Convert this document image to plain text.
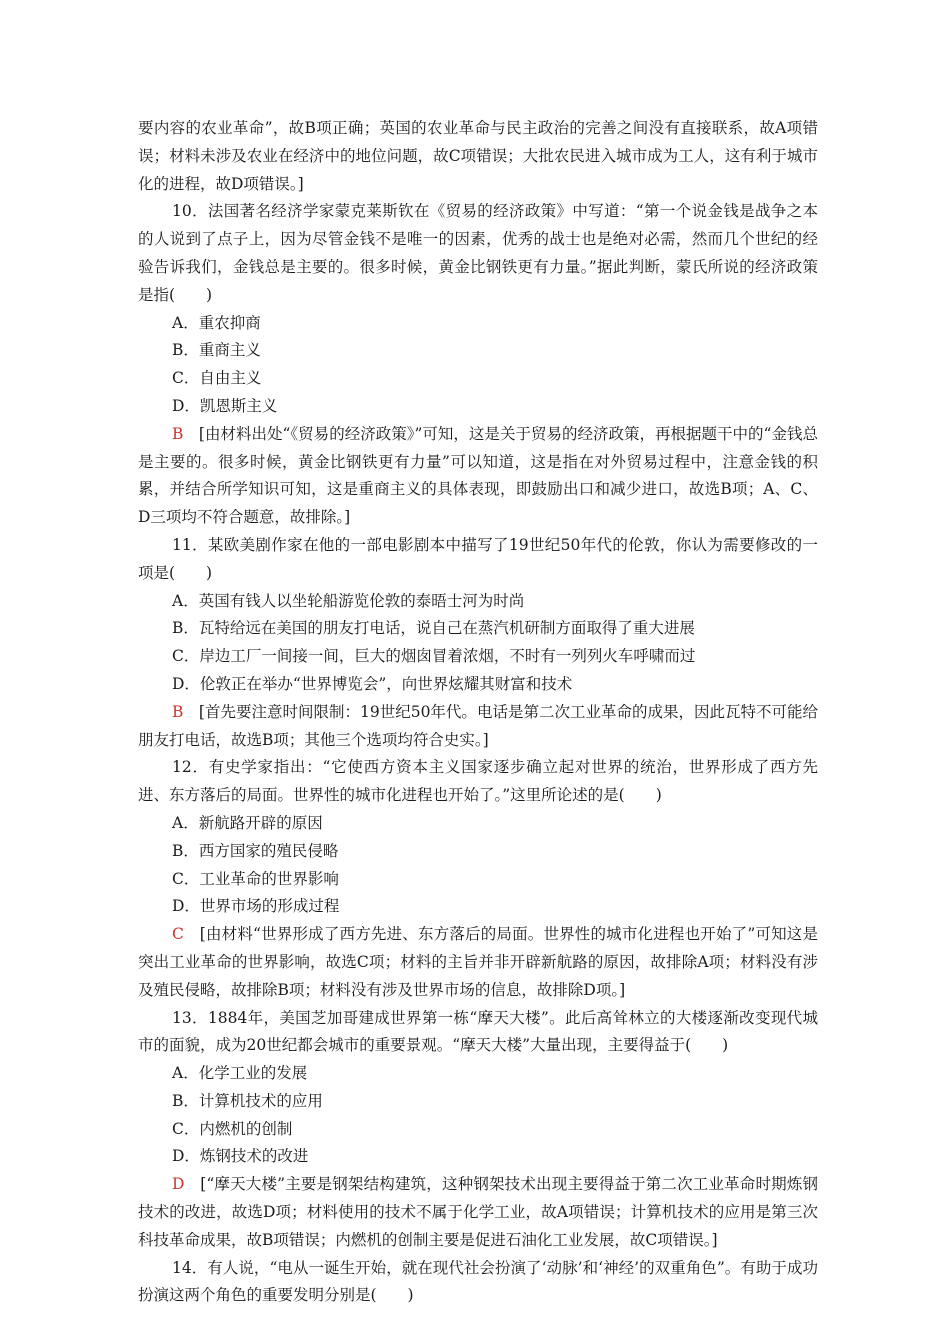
要内容的农业革命”，故B项正确；英国的农业革命与民主政治的完善之间没有直接联系，故A项错误；材料未涉及农业在经济中的地位问题，故C项错误；大批农民进入城市成为工人，这有利于城市化的进程，故D项错误。]

10．法国著名经济学家蒙克莱斯钦在《贸易的经济政策》中写道：“第一个说金钱是战争之本的人说到了点子上，因为尽管金钱不是唯一的因素，优秀的战士也是绝对必需，然而几个世纪的经验告诉我们，金钱总是主要的。很多时候，黄金比钢铁更有力量。”据此判断，蒙氏所说的经济政策是指(　　)

A．重农抑商
B．重商主义
C．自由主义
D．凯恩斯主义

B　[由材料出处“《贸易的经济政策》”可知，这是关于贸易的经济政策，再根据题干中的“金钱总是主要的。很多时候，黄金比钢铁更有力量”可以知道，这是指在对外贸易过程中，注意金钱的积累，并结合所学知识可知，这是重商主义的具体表现，即鼓励出口和减少进口，故选B项；A、C、D三项均不符合题意，故排除。]

11．某欧美剧作家在他的一部电影剧本中描写了19世纪50年代的伦敦，你认为需要修改的一项是(　　)

A．英国有钱人以坐轮船游览伦敦的泰晤士河为时尚
B．瓦特给远在美国的朋友打电话，说自己在蒸汽机研制方面取得了重大进展
C．岸边工厂一间接一间，巨大的烟囱冒着浓烟，不时有一列列火车呼啸而过
D．伦敦正在举办“世界博览会”，向世界炫耀其财富和技术

B　[首先要注意时间限制：19世纪50年代。电话是第二次工业革命的成果，因此瓦特不可能给朋友打电话，故选B项；其他三个选项均符合史实。]

12．有史学家指出：“它使西方资本主义国家逐步确立起对世界的统治，世界形成了西方先进、东方落后的局面。世界性的城市化进程也开始了。”这里所论述的是(　　)

A．新航路开辟的原因
B．西方国家的殖民侵略
C．工业革命的世界影响
D．世界市场的形成过程

C　[由材料“世界形成了西方先进、东方落后的局面。世界性的城市化进程也开始了”可知这是突出工业革命的世界影响，故选C项；材料的主旨并非开辟新航路的原因，故排除A项；材料没有涉及殖民侵略，故排除B项；材料没有涉及世界市场的信息，故排除D项。]

13．1884年，美国芝加哥建成世界第一栋“摩天大楼”。此后高耸林立的大楼逐渐改变现代城市的面貌，成为20世纪都会城市的重要景观。“摩天大楼”大量出现，主要得益于(　　)

A．化学工业的发展
B．计算机技术的应用
C．内燃机的创制
D．炼钢技术的改进

D　[“摩天大楼”主要是钢架结构建筑，这种钢架技术出现主要得益于第二次工业革命时期炼钢技术的改进，故选D项；材料使用的技术不属于化学工业，故A项错误；计算机技术的应用是第三次科技革命成果，故B项错误；内燃机的创制主要是促进石油化工业发展，故C项错误。]

14．有人说，“电从一诞生开始，就在现代社会扮演了‘动脉’和‘神经’的双重角色”。有助于成功扮演这两个角色的重要发明分别是(　　)
